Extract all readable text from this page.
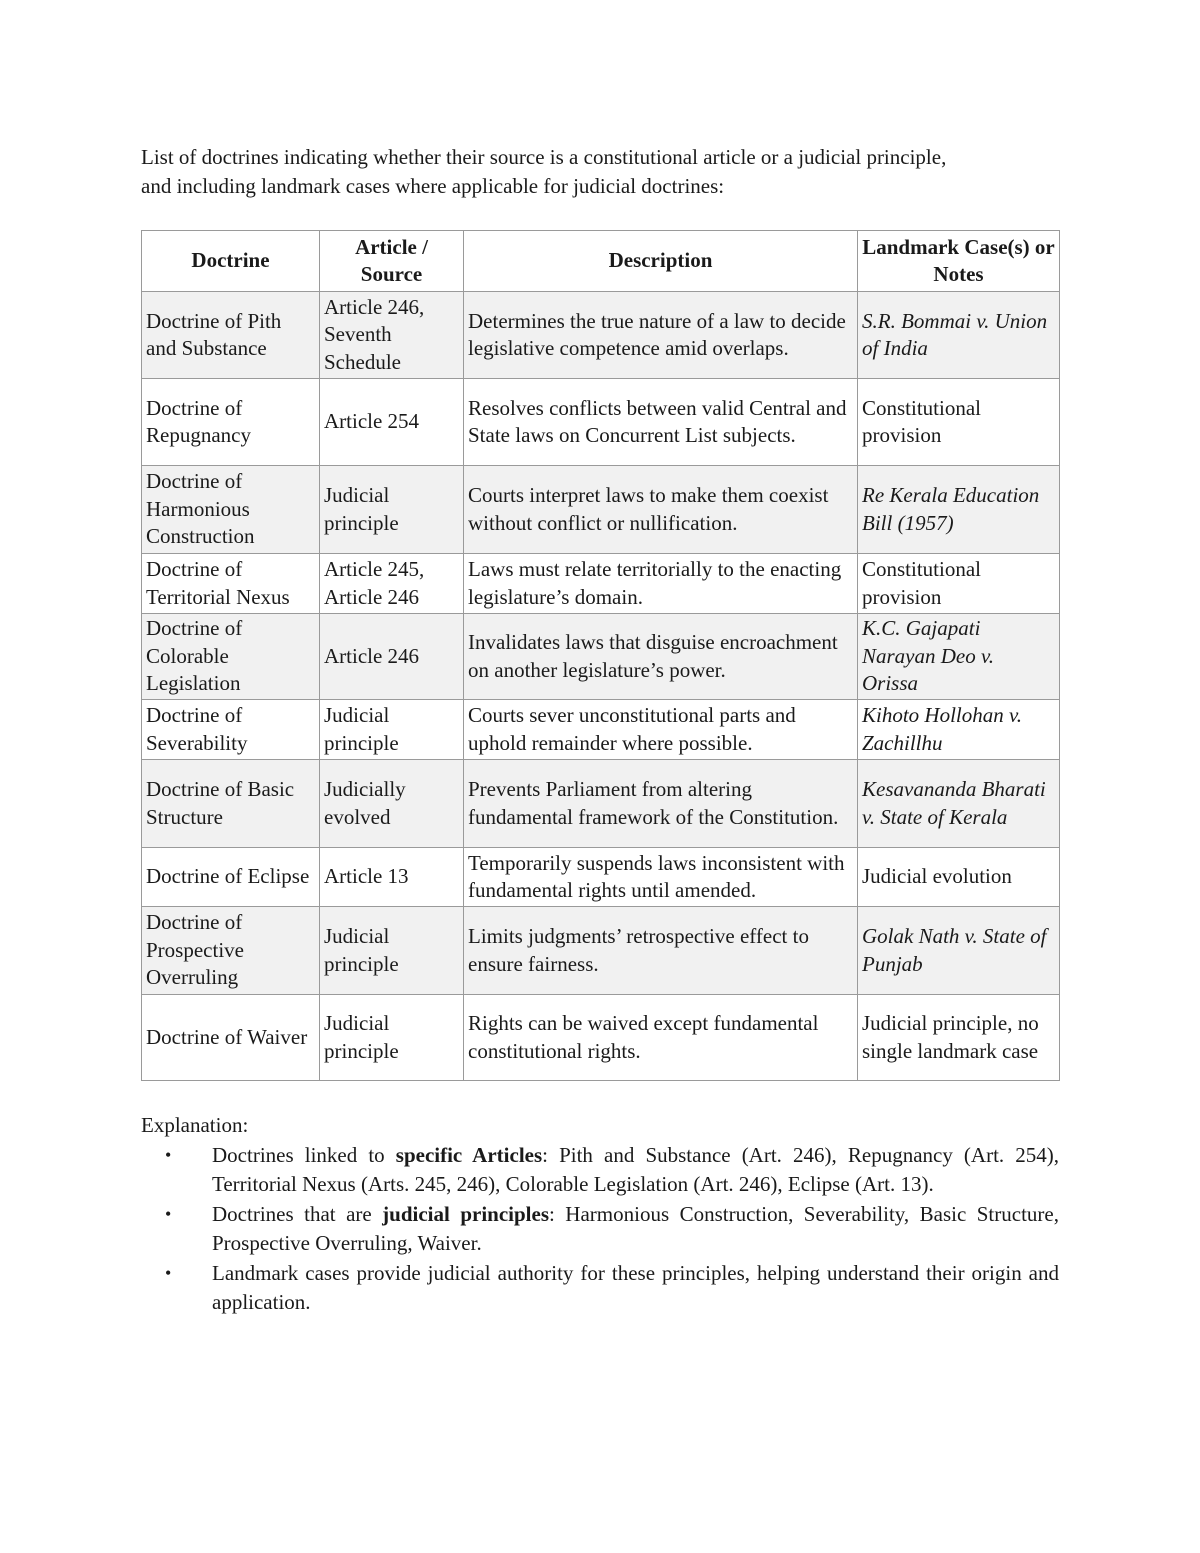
List of doctrines indicating whether their source is a constitutional article or a judicial principle,
and including landmark cases where applicable for judicial doctrines:

Doctrine	Article / Source	Description	Landmark Case(s) or Notes
Doctrine of Pith and Substance	Article 246, Seventh Schedule	Determines the true nature of a law to decide legislative competence amid overlaps.	S.R. Bommai v. Union of India
Doctrine of Repugnancy	Article 254	Resolves conflicts between valid Central and State laws on Concurrent List subjects.	Constitutional provision
Doctrine of Harmonious Construction	Judicial principle	Courts interpret laws to make them coexist without conflict or nullification.	Re Kerala Education Bill (1957)
Doctrine of Territorial Nexus	Article 245, Article 246	Laws must relate territorially to the enacting legislature’s domain.	Constitutional provision
Doctrine of Colorable Legislation	Article 246	Invalidates laws that disguise encroachment on another legislature’s power.	K.C. Gajapati Narayan Deo v. Orissa
Doctrine of Severability	Judicial principle	Courts sever unconstitutional parts and uphold remainder where possible.	Kihoto Hollohan v. Zachillhu
Doctrine of Basic Structure	Judicially evolved	Prevents Parliament from altering fundamental framework of the Constitution.	Kesavananda Bharati v. State of Kerala
Doctrine of Eclipse	Article 13	Temporarily suspends laws inconsistent with fundamental rights until amended.	Judicial evolution
Doctrine of Prospective Overruling	Judicial principle	Limits judgments’ retrospective effect to ensure fairness.	Golak Nath v. State of Punjab
Doctrine of Waiver	Judicial principle	Rights can be waived except fundamental constitutional rights.	Judicial principle, no single landmark case

Explanation:

• Doctrines linked to specific Articles: Pith and Substance (Art. 246), Repugnancy (Art. 254), Territorial Nexus (Arts. 245, 246), Colorable Legislation (Art. 246), Eclipse (Art. 13).
• Doctrines that are judicial principles: Harmonious Construction, Severability, Basic Structure, Prospective Overruling, Waiver.
• Landmark cases provide judicial authority for these principles, helping understand their origin and application.
